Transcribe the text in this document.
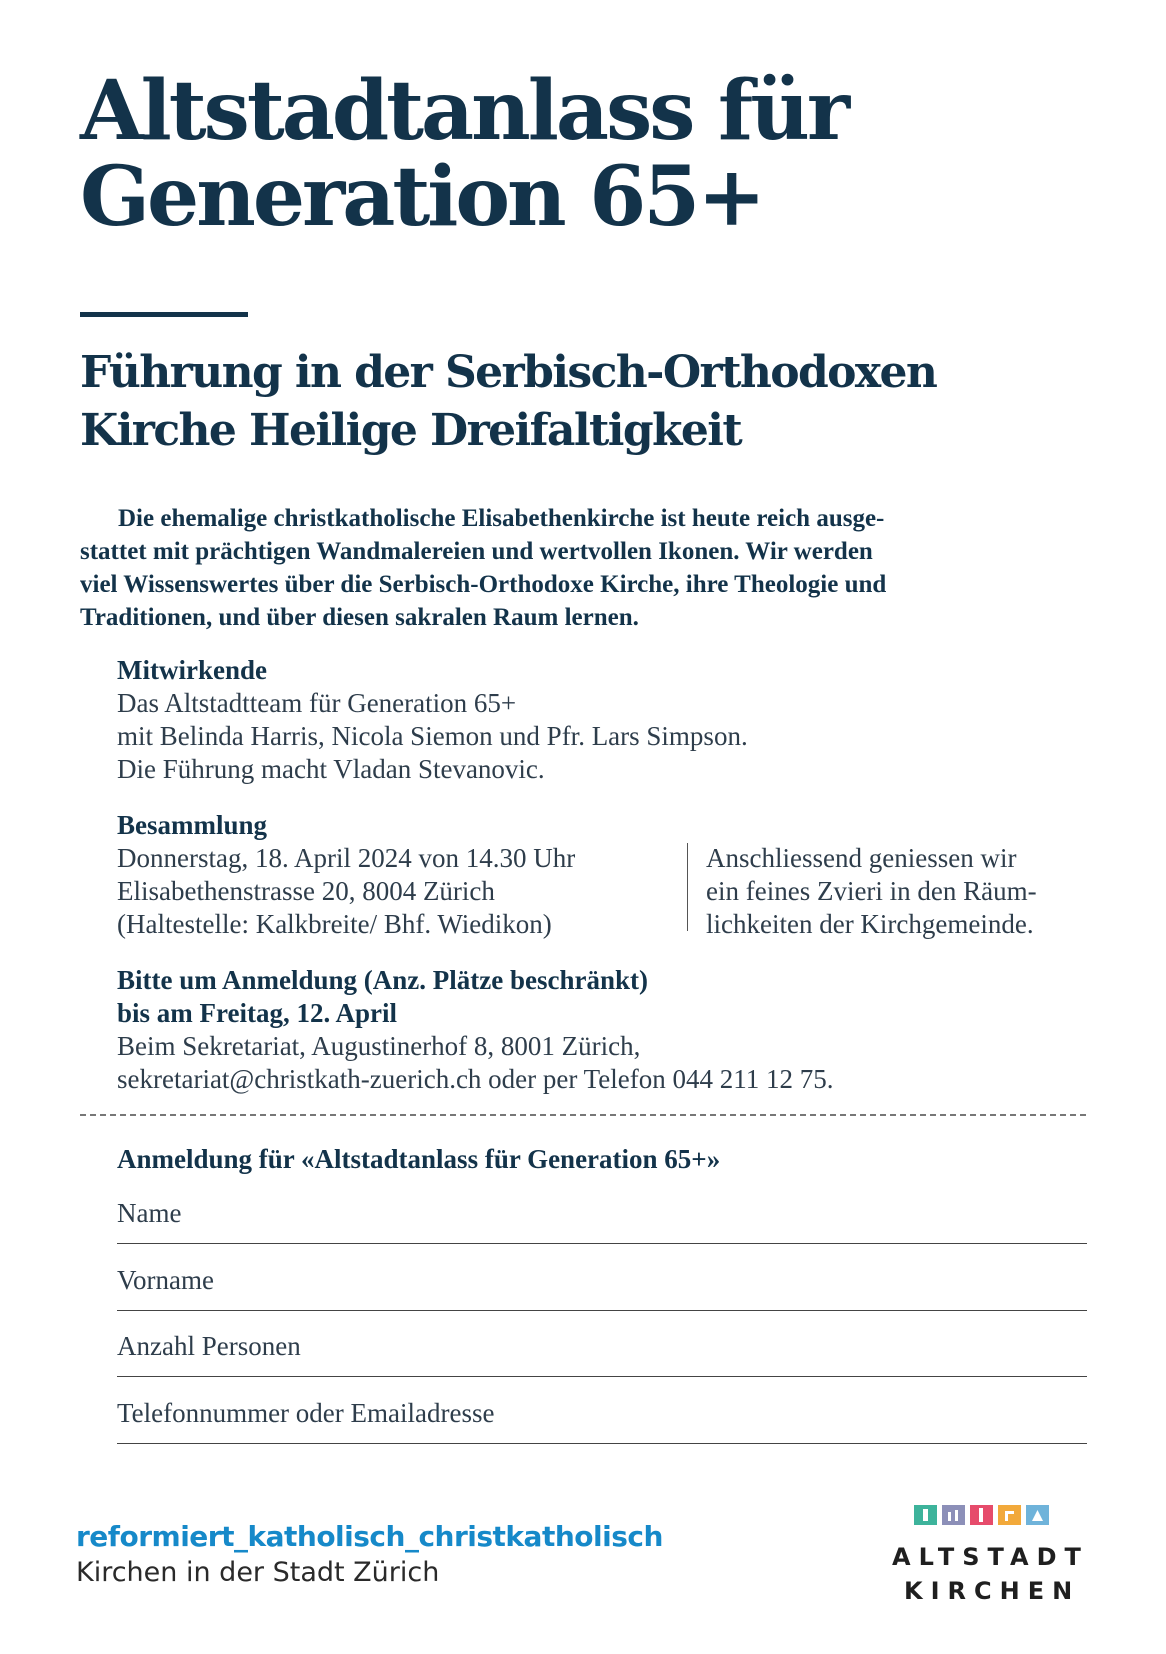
Altstadtanlass für
Generation 65+
Führung in der Serbisch-Orthodoxen
Kirche Heilige Dreifaltigkeit
Die ehemalige christkatholische Elisabethenkirche ist heute reich ausge-
stattet mit prächtigen Wandmalereien und wertvollen Ikonen. Wir werden
viel Wissenswertes über die Serbisch-Orthodoxe Kirche, ihre Theologie und
Traditionen, und über diesen sakralen Raum lernen.
Mitwirkende
Das Altstadtteam für Generation 65+
mit Belinda Harris, Nicola Siemon und Pfr. Lars Simpson.
Die Führung macht Vladan Stevanovic.
Besammlung
Donnerstag, 18. April 2024 von 14.30 Uhr
Elisabethenstrasse 20, 8004 Zürich
(Haltestelle: Kalkbreite/ Bhf. Wiedikon)
Anschliessend geniessen wir
ein feines Zvieri in den Räum-
lichkeiten der Kirchgemeinde.
Bitte um Anmeldung (Anz. Plätze beschränkt)
bis am Freitag, 12. April
Beim Sekretariat, Augustinerhof 8, 8001 Zürich,
sekretariat@christkath-zuerich.ch oder per Telefon 044 211 12 75.
Anmeldung für «Altstadtanlass für Generation 65+»
Name
Vorname
Anzahl Personen
Telefonnummer oder Emailadresse
reformiert_katholisch_christkatholisch
Kirchen in der Stadt Zürich	ALTSTADT
KIRCHEN
